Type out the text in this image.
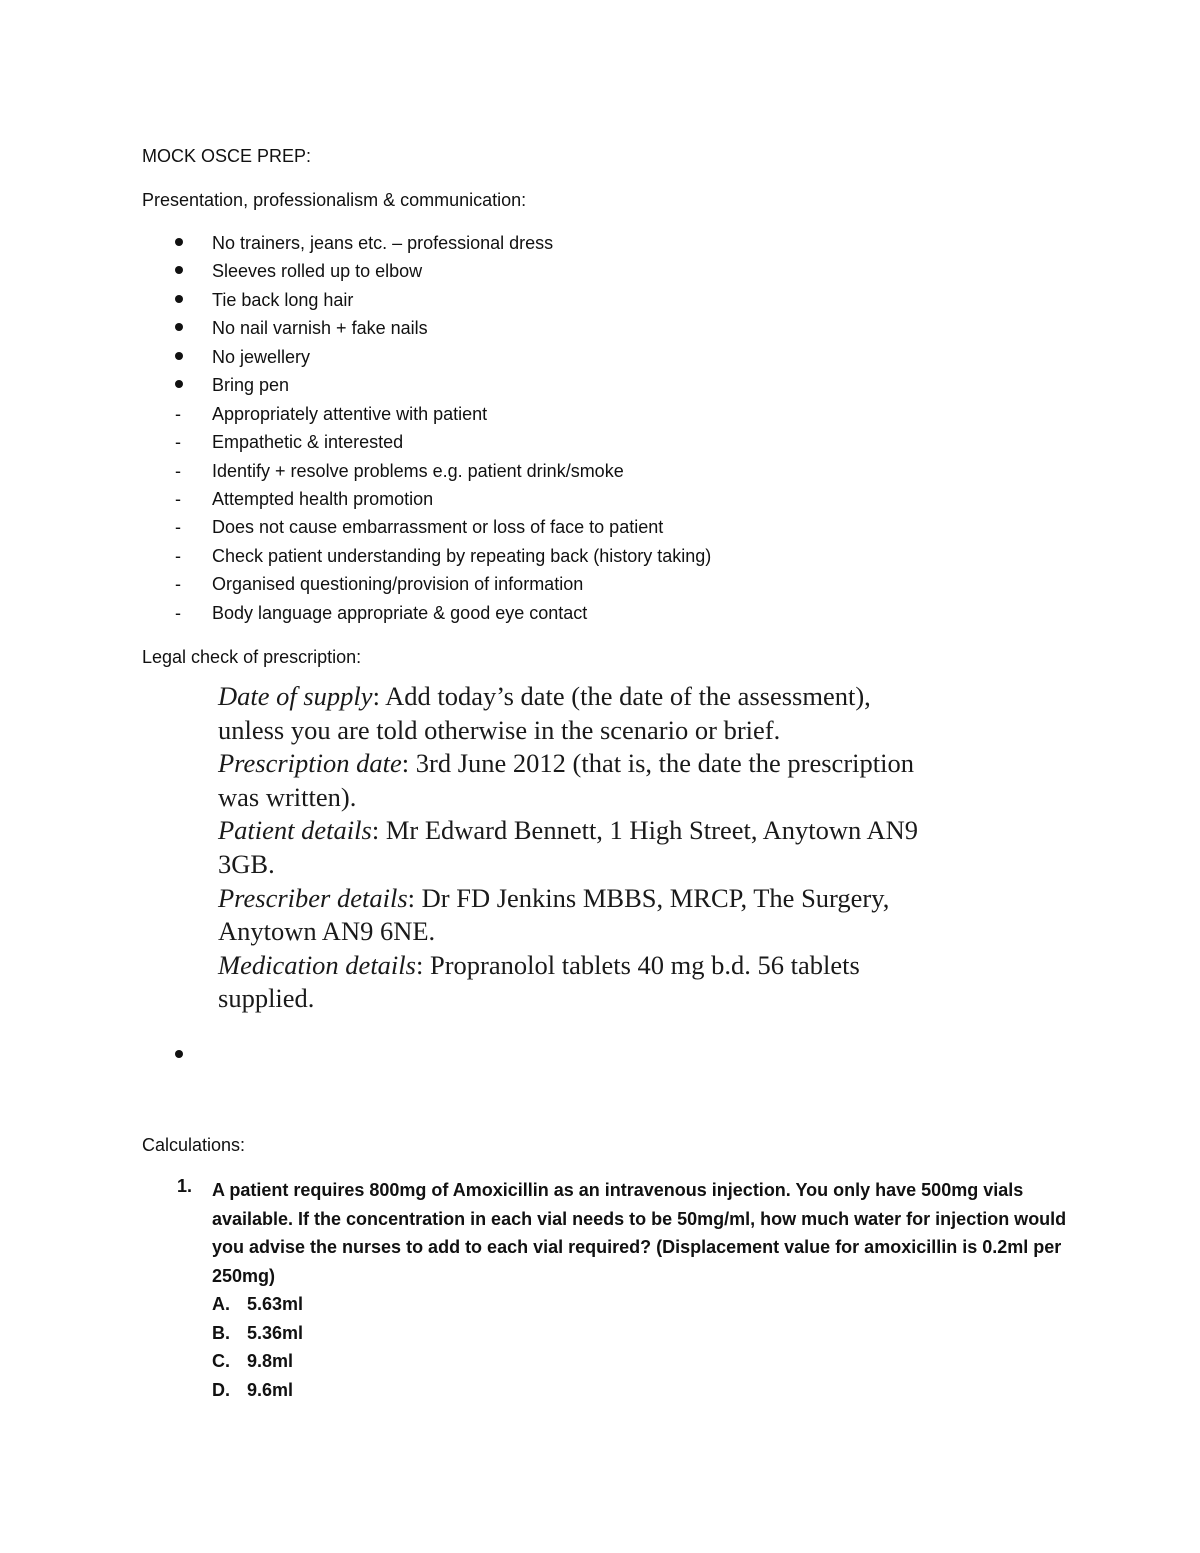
MOCK OSCE PREP:
Presentation, professionalism & communication:
No trainers, jeans etc. – professional dress
Sleeves rolled up to elbow
Tie back long hair
No nail varnish + fake nails
No jewellery
Bring pen
Appropriately attentive with patient
Empathetic & interested
Identify + resolve problems e.g. patient drink/smoke
Attempted health promotion
Does not cause embarrassment or loss of face to patient
Check patient understanding by repeating back (history taking)
Organised questioning/provision of information
Body language appropriate & good eye contact
Legal check of prescription:

Date of supply: Add today’s date (the date of the assessment), unless you are told otherwise in the scenario or brief.

Prescription date: 3rd June 2012 (that is, the date the prescription was written).

Patient details: Mr Edward Bennett, 1 High Street, Anytown AN9 3GB.

Prescriber details: Dr FD Jenkins MBBS, MRCP, The Surgery, Anytown AN9 6NE.

Medication details: Propranolol tablets 40 mg b.d. 56 tablets supplied.

Calculations:
1. A patient requires 800mg of Amoxicillin as an intravenous injection. You only have 500mg vials available. If the concentration in each vial needs to be 50mg/ml, how much water for injection would you advise the nurses to add to each vial required? (Displacement value for amoxicillin is 0.2ml per 250mg)
A. 5.63ml
B. 5.36ml
C. 9.8ml
D. 9.6ml
